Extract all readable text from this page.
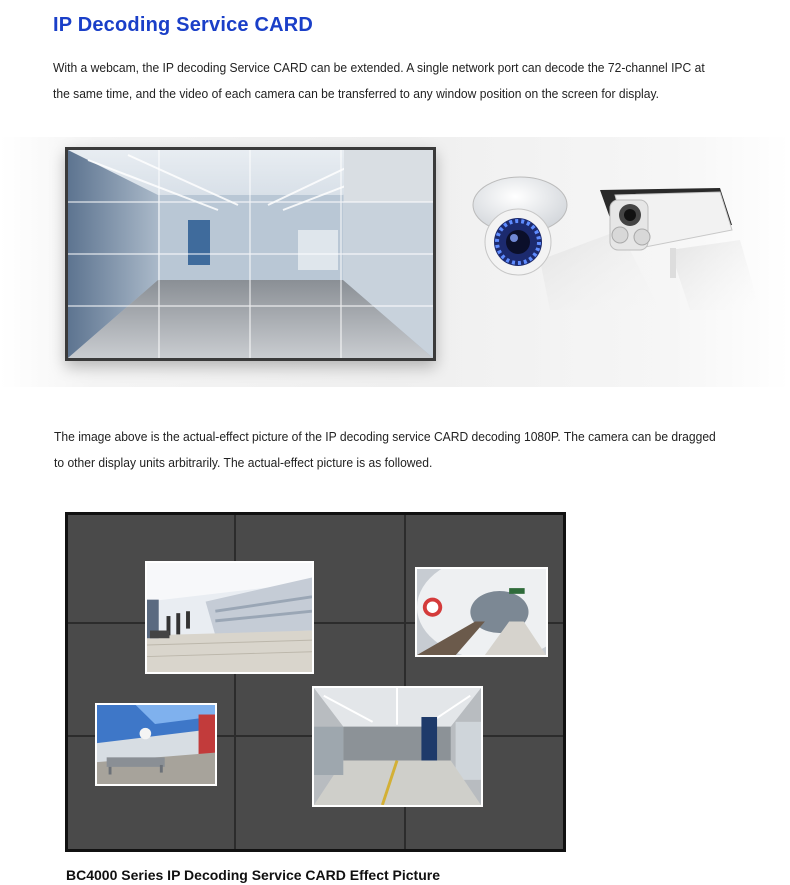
IP Decoding Service CARD
With a webcam, the IP decoding Service CARD can be extended. A single network port can decode the 72-channel IPC at
the same time, and the video of each camera can be transferred to any window position on the screen for display.
The image above is the actual-effect picture of the IP decoding service CARD decoding 1080P. The camera can be dragged
to other display units arbitrarily. The actual-effect picture is as followed.
BC4000 Series IP Decoding Service CARD Effect Picture
